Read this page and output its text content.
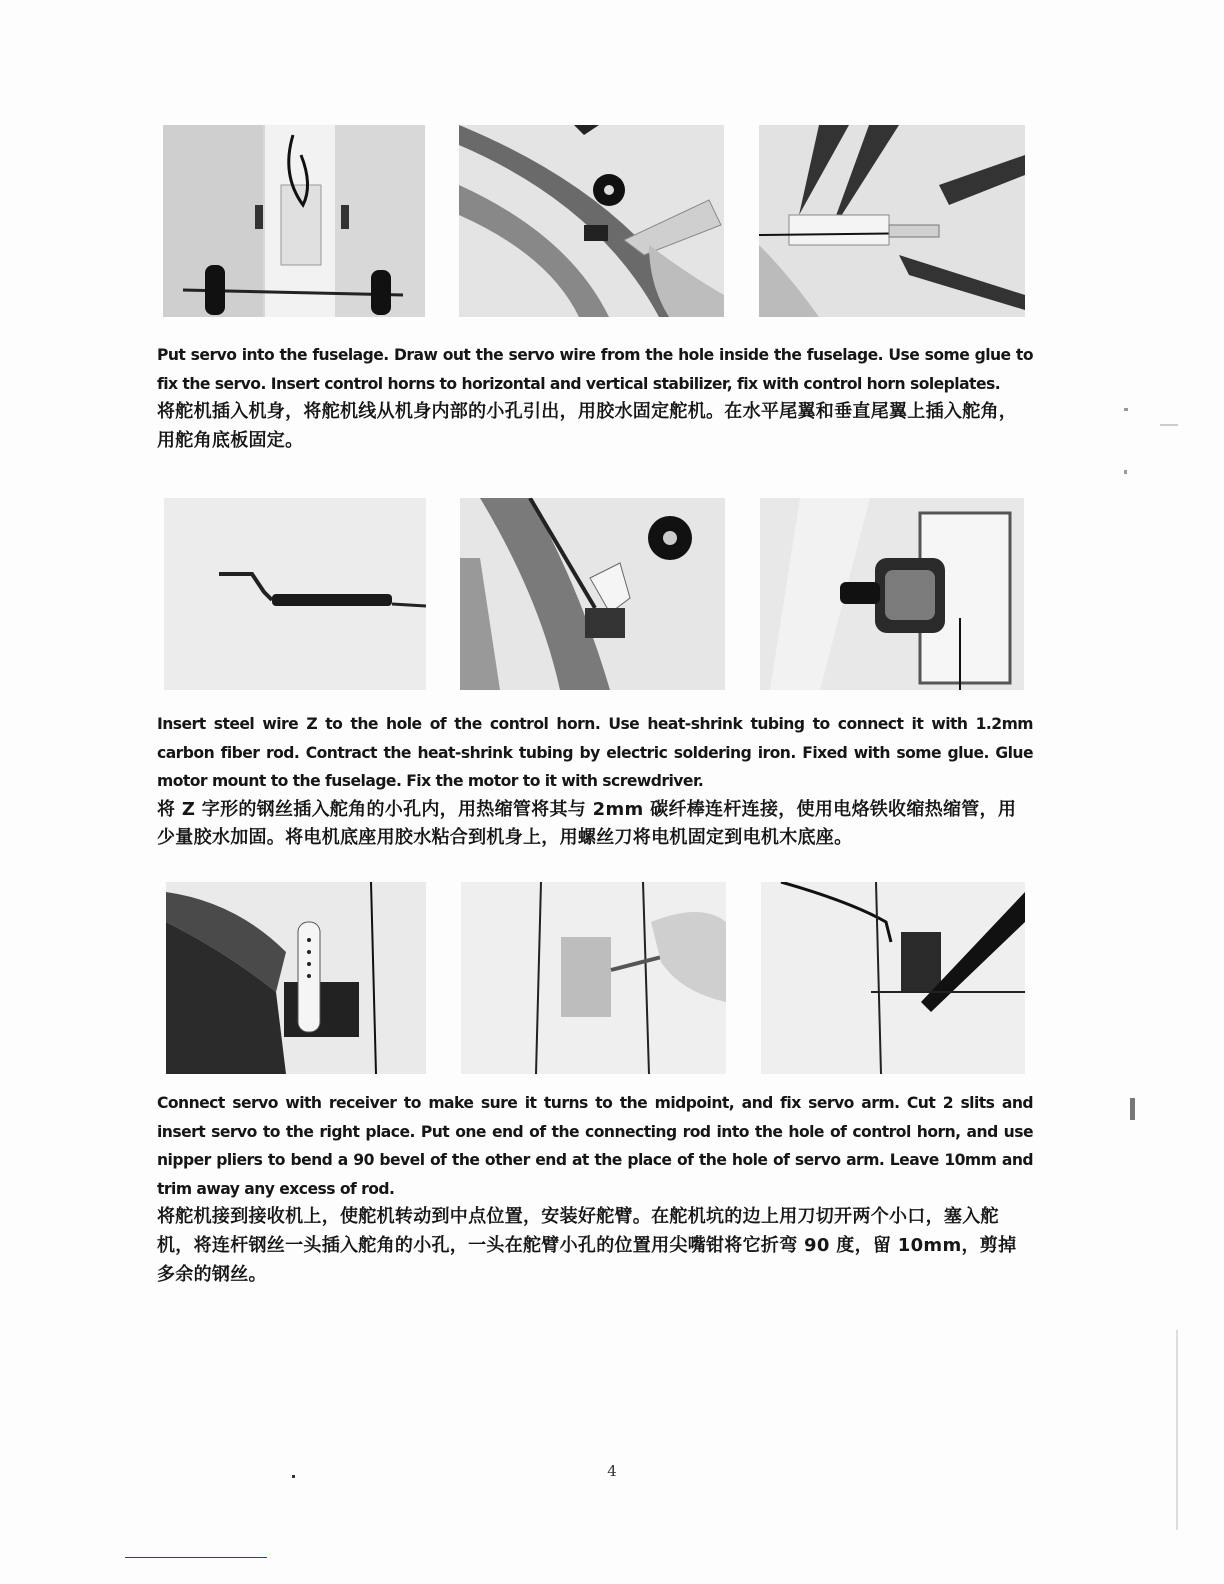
Put servo into the fuselage. Draw out the servo wire from the hole inside the fuselage. Use some glue to fix the servo. Insert control horns to horizontal and vertical stabilizer, fix with control horn soleplates.

将舵机插入机身，将舵机线从机身内部的小孔引出，用胶水固定舵机。在水平尾翼和垂直尾翼上插入舵角，用舵角底板固定。

Insert steel wire Z to the hole of the control horn. Use heat-shrink tubing to connect it with 1.2mm carbon fiber rod. Contract the heat-shrink tubing by electric soldering iron. Fixed with some glue. Glue motor mount to the fuselage. Fix the motor to it with screwdriver.

将 Z 字形的钢丝插入舵角的小孔内，用热缩管将其与 2mm 碳纤棒连杆连接，使用电烙铁收缩热缩管，用少量胶水加固。将电机底座用胶水粘合到机身上，用螺丝刀将电机固定到电机木底座。

Connect servo with receiver to make sure it turns to the midpoint, and fix servo arm. Cut 2 slits and insert servo to the right place. Put one end of the connecting rod into the hole of control horn, and use nipper pliers to bend a 90 bevel of the other end at the place of the hole of servo arm. Leave 10mm and trim away any excess of rod.

将舵机接到接收机上，使舵机转动到中点位置，安装好舵臂。在舵机坑的边上用刀切开两个小口，塞入舵机，将连杆钢丝一头插入舵角的小孔，一头在舵臂小孔的位置用尖嘴钳将它折弯 90 度，留 10mm，剪掉多余的钢丝。

4
